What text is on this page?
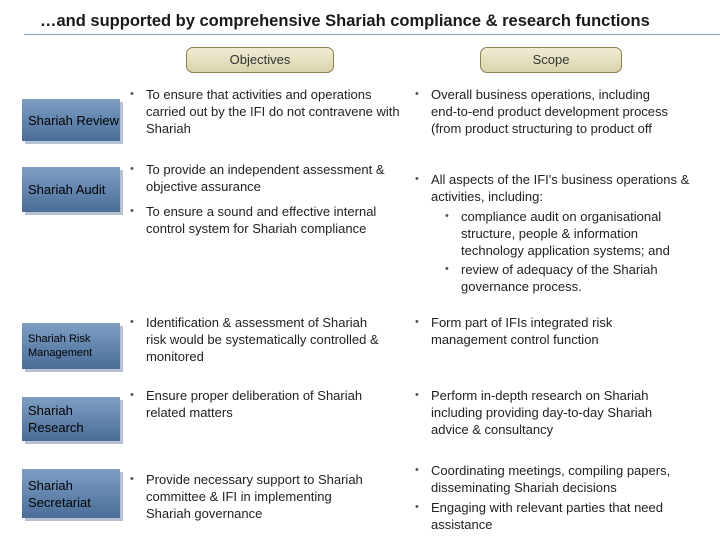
…and supported by comprehensive Shariah compliance & research functions
Objectives	Scope
Shariah Review
• To ensure that activities and operations carried out by the IFI do not contravene with Shariah
• Overall business operations, including end-to-end product development process (from product structuring to product off
Shariah Audit
• To provide an independent assessment & objective assurance
• To ensure a sound and effective internal control system for Shariah compliance
• All aspects of the IFI's business operations & activities, including:
• compliance audit on organisational structure, people & information technology application systems; and
• review of adequacy of the Shariah governance process.
Shariah Risk Management
• Identification & assessment of Shariah risk would be systematically controlled & monitored
• Form part of IFIs integrated risk management control function
Shariah Research
• Ensure proper deliberation of Shariah related matters
• Perform in-depth research on Shariah including providing day-to-day Shariah advice & consultancy
Shariah Secretariat
• Provide necessary support to Shariah committee & IFI in implementing Shariah governance
• Coordinating meetings, compiling papers, disseminating Shariah decisions
• Engaging with relevant parties that need assistance
